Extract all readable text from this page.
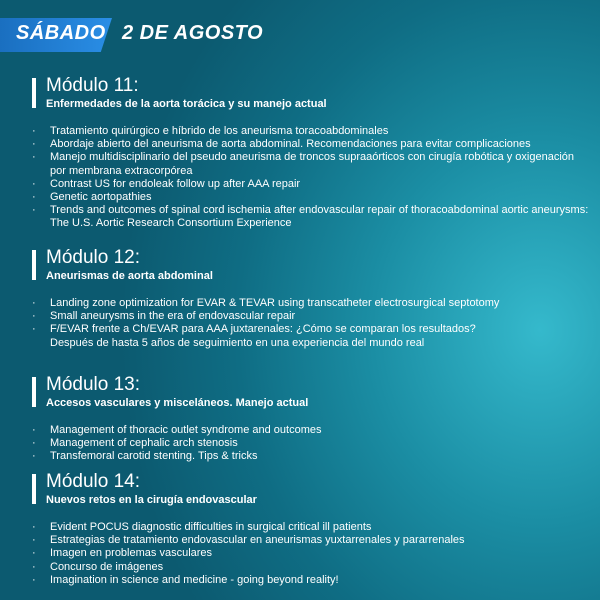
SÁBADO 2 DE AGOSTO
Módulo 11:
Enfermedades de la aorta torácica y su manejo actual
· Tratamiento quirúrgico e híbrido de los aneurisma toracoabdominales
· Abordaje abierto del aneurisma de aorta abdominal. Recomendaciones para evitar complicaciones
· Manejo multidisciplinario del pseudo aneurisma de troncos supraaórticos con cirugía robótica y oxigenación por membrana extracorpórea
· Contrast US for endoleak follow up after AAA repair
· Genetic aortopathies
· Trends and outcomes of spinal cord ischemia after endovascular repair of thoracoabdominal aortic aneurysms: The U.S. Aortic Research Consortium Experience
Módulo 12:
Aneurismas de aorta abdominal
· Landing zone optimization for EVAR & TEVAR using transcatheter electrosurgical septotomy
· Small aneurysms in the era of endovascular repair
· F/EVAR frente a Ch/EVAR para AAA juxtarenales: ¿Cómo se comparan los resultados? Después de hasta 5 años de seguimiento en una experiencia del mundo real
Módulo 13:
Accesos vasculares y misceláneos. Manejo actual
· Management of thoracic outlet syndrome and outcomes
· Management of cephalic arch stenosis
· Transfemoral carotid stenting. Tips & tricks
Módulo 14:
Nuevos retos en la cirugía endovascular
· Evident POCUS diagnostic difficulties in surgical critical ill patients
· Estrategias de tratamiento endovascular en aneurismas yuxtarrenales y pararrenales
· Imagen en problemas vasculares
· Concurso de imágenes
· Imagination in science and medicine - going beyond reality!
